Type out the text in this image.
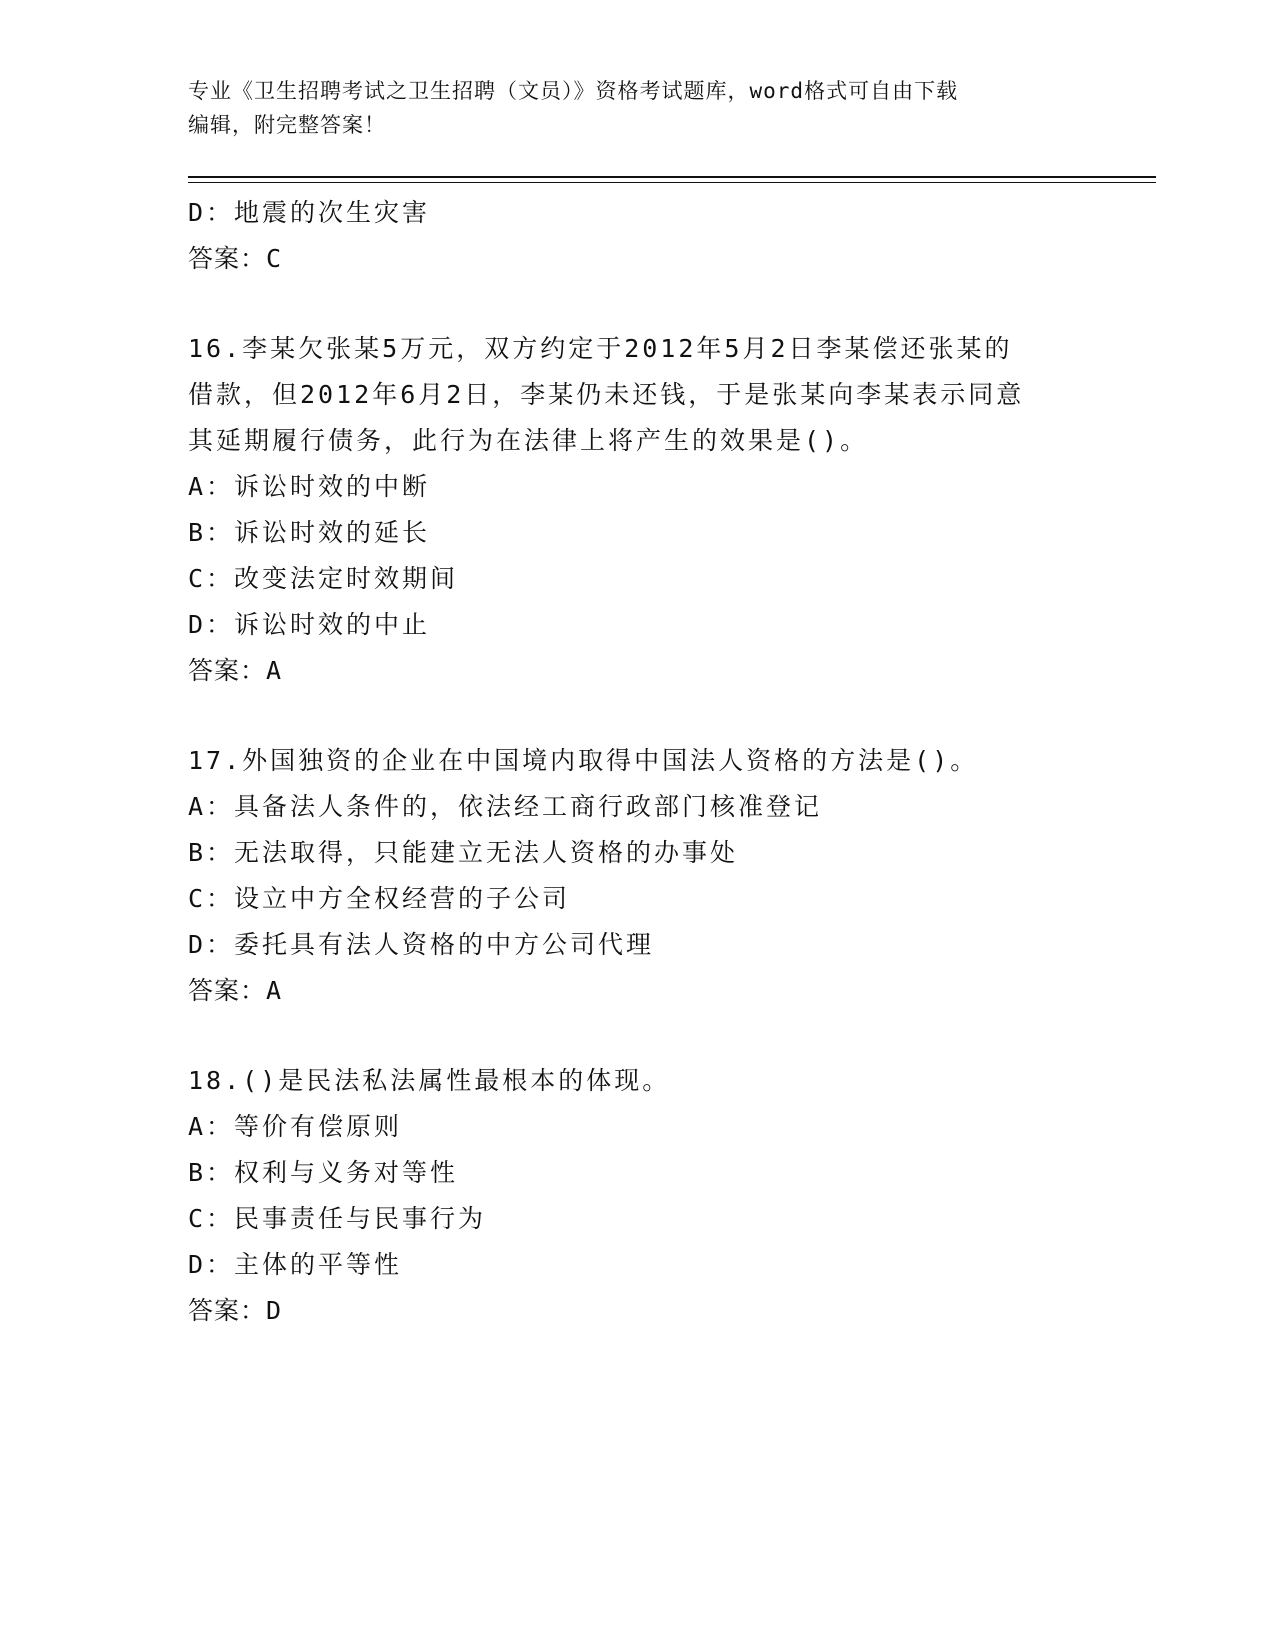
专业《卫生招聘考试之卫生招聘（文员）》资格考试题库，word格式可自由下载
编辑，附完整答案！
D：地震的次生灾害
答案：C
16.李某欠张某5万元，双方约定于2012年5月2日李某偿还张某的
借款，但2012年6月2日，李某仍未还钱，于是张某向李某表示同意
其延期履行债务，此行为在法律上将产生的效果是()。
A：诉讼时效的中断
B：诉讼时效的延长
C：改变法定时效期间
D：诉讼时效的中止
答案：A
17.外国独资的企业在中国境内取得中国法人资格的方法是()。
A：具备法人条件的，依法经工商行政部门核准登记
B：无法取得，只能建立无法人资格的办事处
C：设立中方全权经营的子公司
D：委托具有法人资格的中方公司代理
答案：A
18.()是民法私法属性最根本的体现。
A：等价有偿原则
B：权利与义务对等性
C：民事责任与民事行为
D：主体的平等性
答案：D
